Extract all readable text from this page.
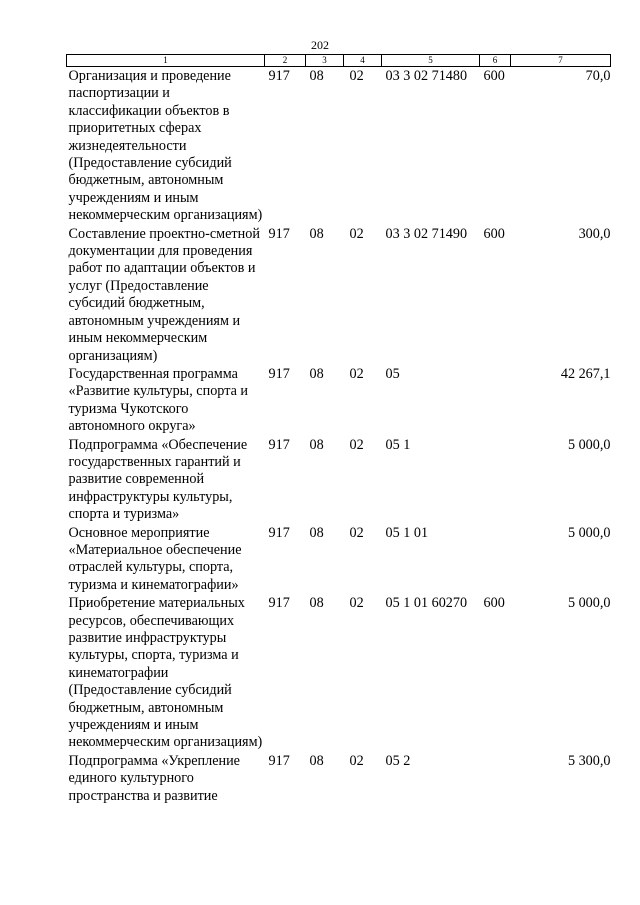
202
1	2	3	4	5	6	7
Организация и проведение паспортизации и классификации объектов в приоритетных сферах жизнедеятельности (Предоставление субсидий бюджетным, автономным учреждениям и иным некоммерческим организациям)	917	08	02	03 3 02 71480	600	70,0
Составление проектно-сметной документации для проведения работ по адаптации объектов и услуг (Предоставление субсидий бюджетным, автономным учреждениям и иным некоммерческим организациям)	917	08	02	03 3 02 71490	600	300,0
Государственная программа «Развитие культуры, спорта и туризма Чукотского автономного округа»	917	08	02	05		42 267,1
Подпрограмма «Обеспечение государственных гарантий и развитие современной инфраструктуры культуры, спорта и туризма»	917	08	02	05 1		5 000,0
Основное мероприятие «Материальное обеспечение отраслей культуры, спорта, туризма и кинематографии»	917	08	02	05 1 01		5 000,0
Приобретение материальных ресурсов, обеспечивающих развитие инфраструктуры культуры, спорта, туризма и кинематографии (Предоставление субсидий бюджетным, автономным учреждениям и иным некоммерческим организациям)	917	08	02	05 1 01 60270	600	5 000,0
Подпрограмма «Укрепление единого культурного пространства и развитие	917	08	02	05 2		5 300,0
